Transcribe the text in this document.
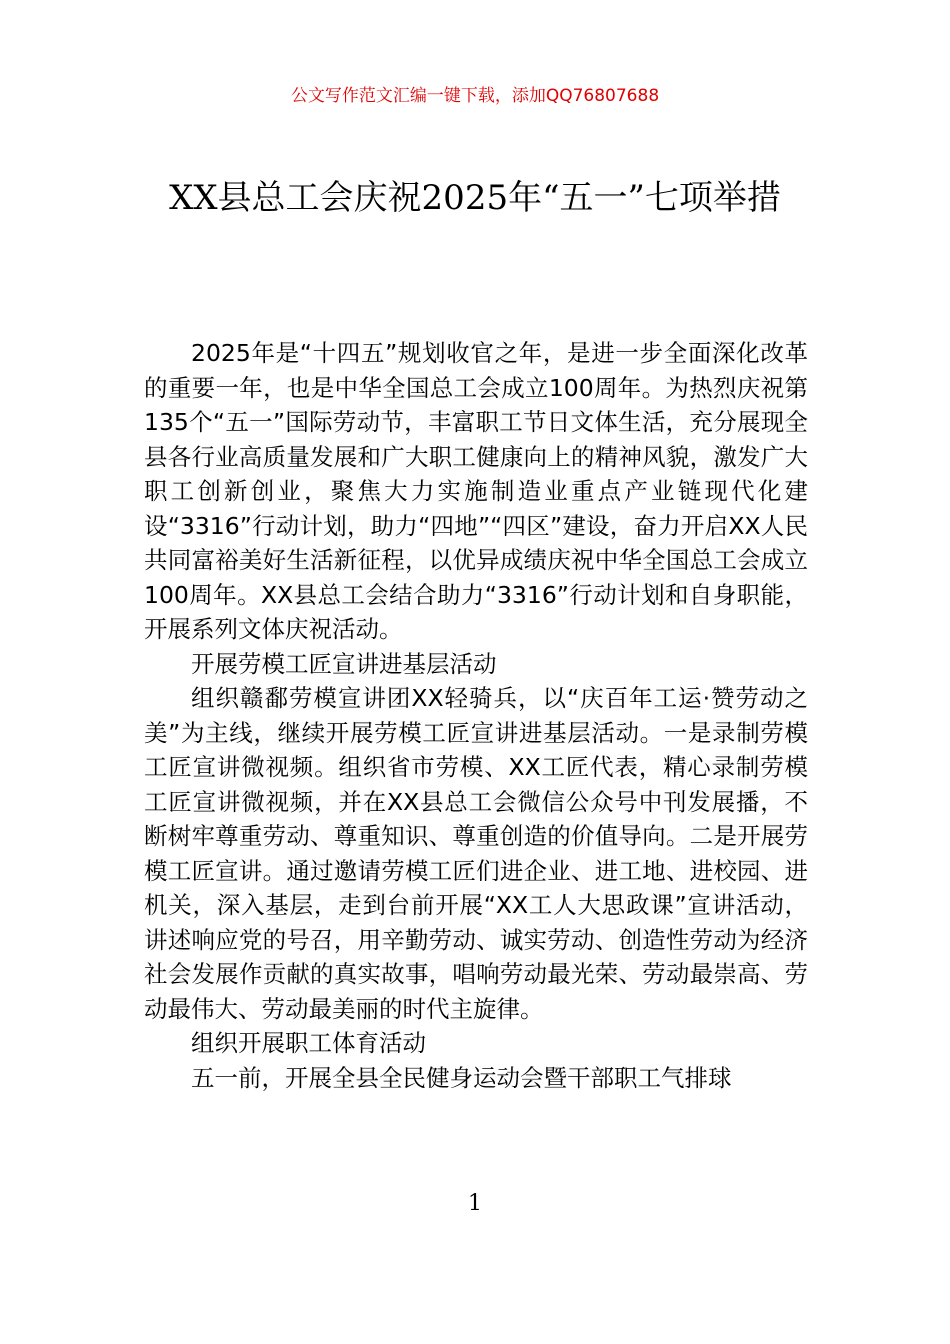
公文写作范文汇编一键下载，添加QQ76807688
XX县总工会庆祝2025年“五一”七项举措

2025年是“十四五”规划收官之年，是进一步全面深化改革的重要一年，也是中华全国总工会成立100周年。为热烈庆祝第135个“五一”国际劳动节，丰富职工节日文体生活，充分展现全县各行业高质量发展和广大职工健康向上的精神风貌，激发广大职工创新创业，聚焦大力实施制造业重点产业链现代化建设“3316”行动计划，助力“四地”“四区”建设，奋力开启XX人民共同富裕美好生活新征程，以优异成绩庆祝中华全国总工会成立100周年。XX县总工会结合助力“3316”行动计划和自身职能，开展系列文体庆祝活动。

开展劳模工匠宣讲进基层活动

组织赣鄱劳模宣讲团XX轻骑兵，以“庆百年工运·赞劳动之美”为主线，继续开展劳模工匠宣讲进基层活动。一是录制劳模工匠宣讲微视频。组织省市劳模、XX工匠代表，精心录制劳模工匠宣讲微视频，并在XX县总工会微信公众号中刊发展播，不断树牢尊重劳动、尊重知识、尊重创造的价值导向。二是开展劳模工匠宣讲。通过邀请劳模工匠们进企业、进工地、进校园、进机关，深入基层，走到台前开展“XX工人大思政课”宣讲活动，讲述响应党的号召，用辛勤劳动、诚实劳动、创造性劳动为经济社会发展作贡献的真实故事，唱响劳动最光荣、劳动最崇高、劳动最伟大、劳动最美丽的时代主旋律。

组织开展职工体育活动

五一前，开展全县全民健身运动会暨干部职工气排球

1
